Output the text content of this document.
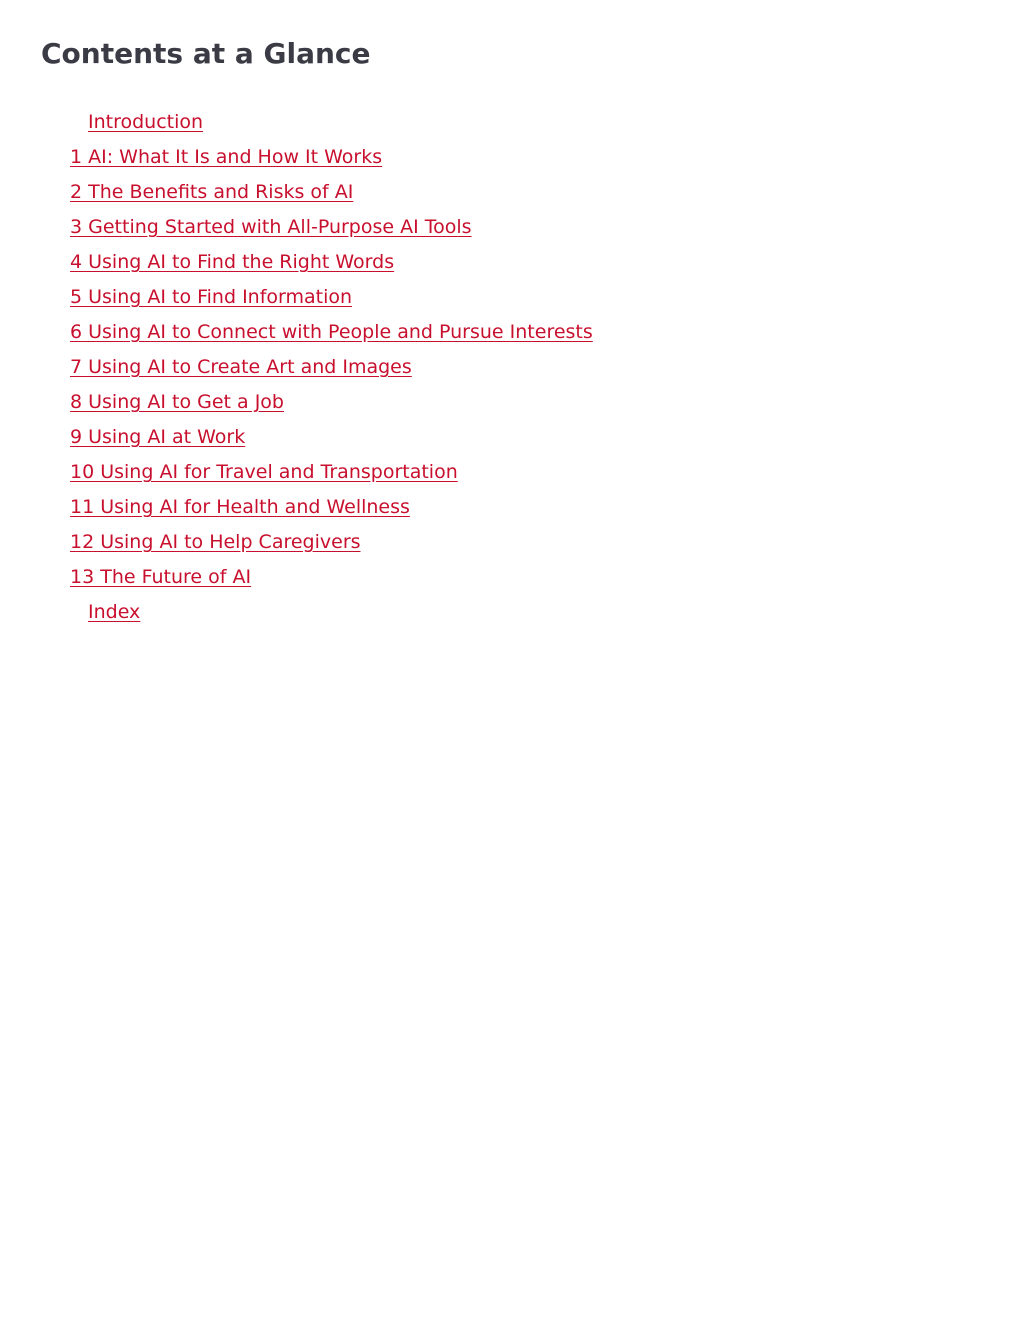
Contents at a Glance
Introduction
1 AI: What It Is and How It Works
2 The Benefits and Risks of AI
3 Getting Started with All-Purpose AI Tools
4 Using AI to Find the Right Words
5 Using AI to Find Information
6 Using AI to Connect with People and Pursue Interests
7 Using AI to Create Art and Images
8 Using AI to Get a Job
9 Using AI at Work
10 Using AI for Travel and Transportation
11 Using AI for Health and Wellness
12 Using AI to Help Caregivers
13 The Future of AI
Index
